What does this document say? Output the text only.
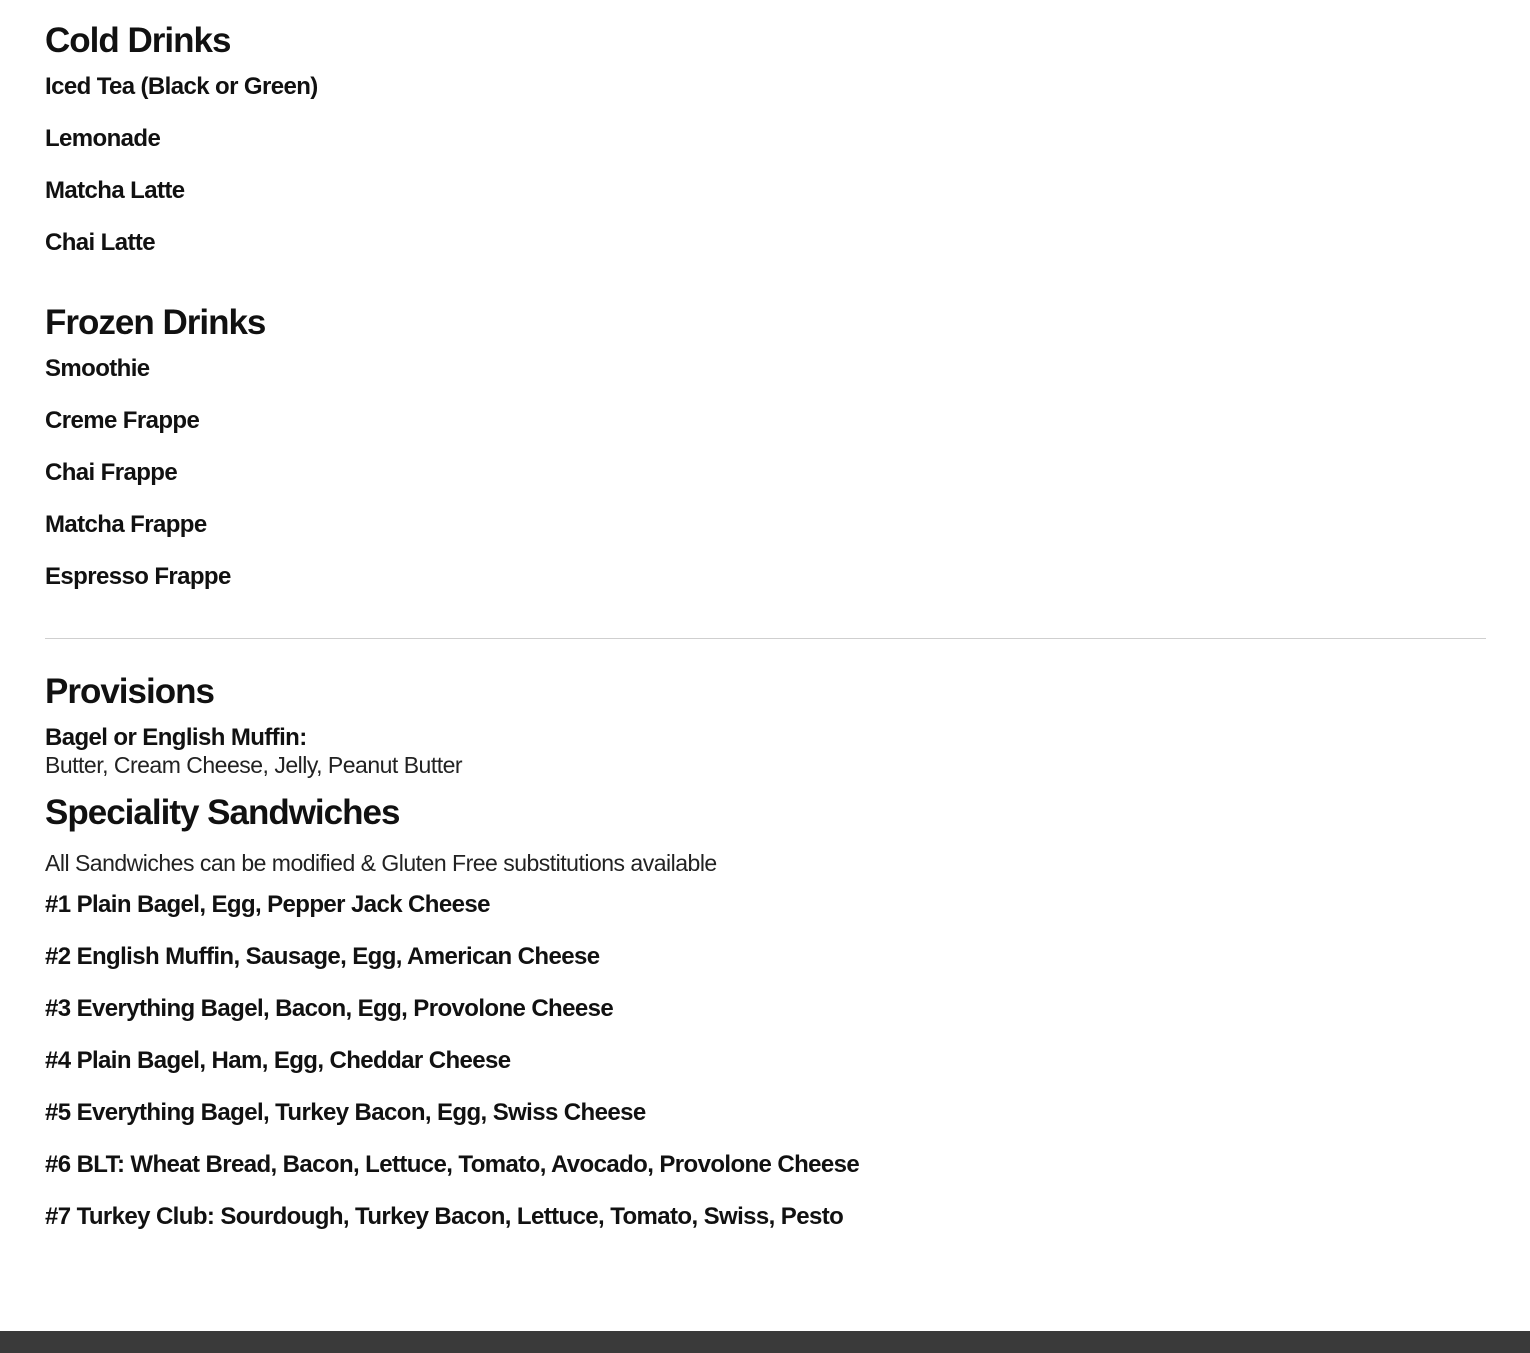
Cold Drinks

Iced Tea (Black or Green)

Lemonade

Matcha Latte

Chai Latte

Frozen Drinks

Smoothie

Creme Frappe

Chai Frappe

Matcha Frappe

Espresso Frappe

Provisions

Bagel or English Muffin:

Butter, Cream Cheese, Jelly, Peanut Butter

Speciality Sandwiches

All Sandwiches can be modified & Gluten Free substitutions available

#1 Plain Bagel, Egg, Pepper Jack Cheese

#2 English Muffin, Sausage, Egg, American Cheese

#3 Everything Bagel, Bacon, Egg, Provolone Cheese

#4 Plain Bagel, Ham, Egg, Cheddar Cheese

#5 Everything Bagel, Turkey Bacon, Egg, Swiss Cheese

#6 BLT: Wheat Bread, Bacon, Lettuce, Tomato, Avocado, Provolone Cheese

#7 Turkey Club: Sourdough, Turkey Bacon, Lettuce, Tomato, Swiss, Pesto
